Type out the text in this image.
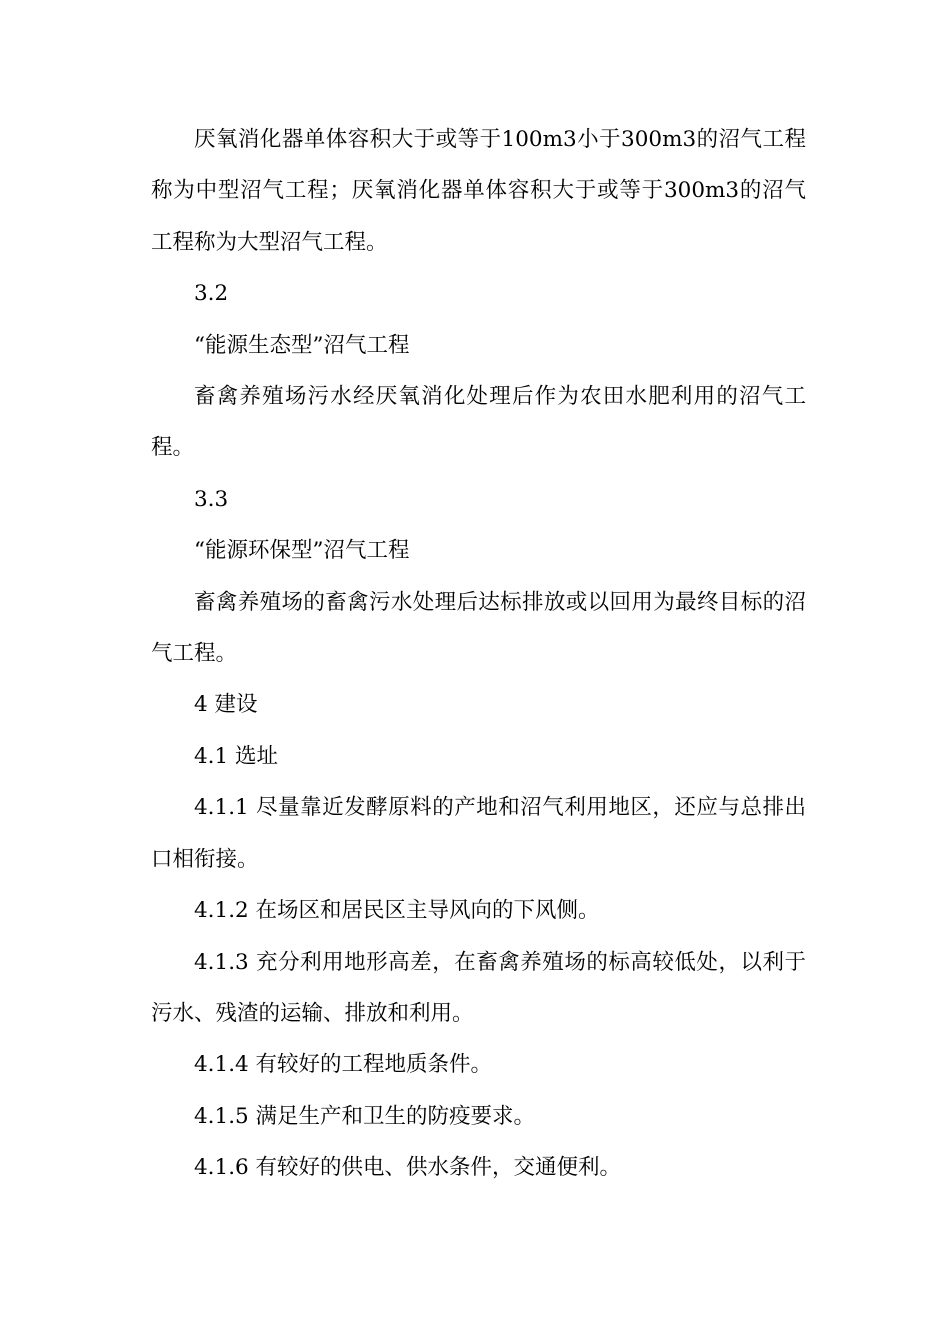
厌氧消化器单体容积大于或等于100m3小于300m3的沼气工程称为中型沼气工程；厌氧消化器单体容积大于或等于300m3的沼气工程称为大型沼气工程。

3.2

“能源生态型”沼气工程

畜禽养殖场污水经厌氧消化处理后作为农田水肥利用的沼气工程。

3.3

“能源环保型”沼气工程

畜禽养殖场的畜禽污水处理后达标排放或以回用为最终目标的沼气工程。

4 建设

4.1 选址

4.1.1 尽量靠近发酵原料的产地和沼气利用地区，还应与总排出口相衔接。

4.1.2 在场区和居民区主导风向的下风侧。

4.1.3 充分利用地形高差，在畜禽养殖场的标高较低处，以利于污水、残渣的运输、排放和利用。

4.1.4 有较好的工程地质条件。

4.1.5 满足生产和卫生的防疫要求。

4.1.6 有较好的供电、供水条件，交通便利。
